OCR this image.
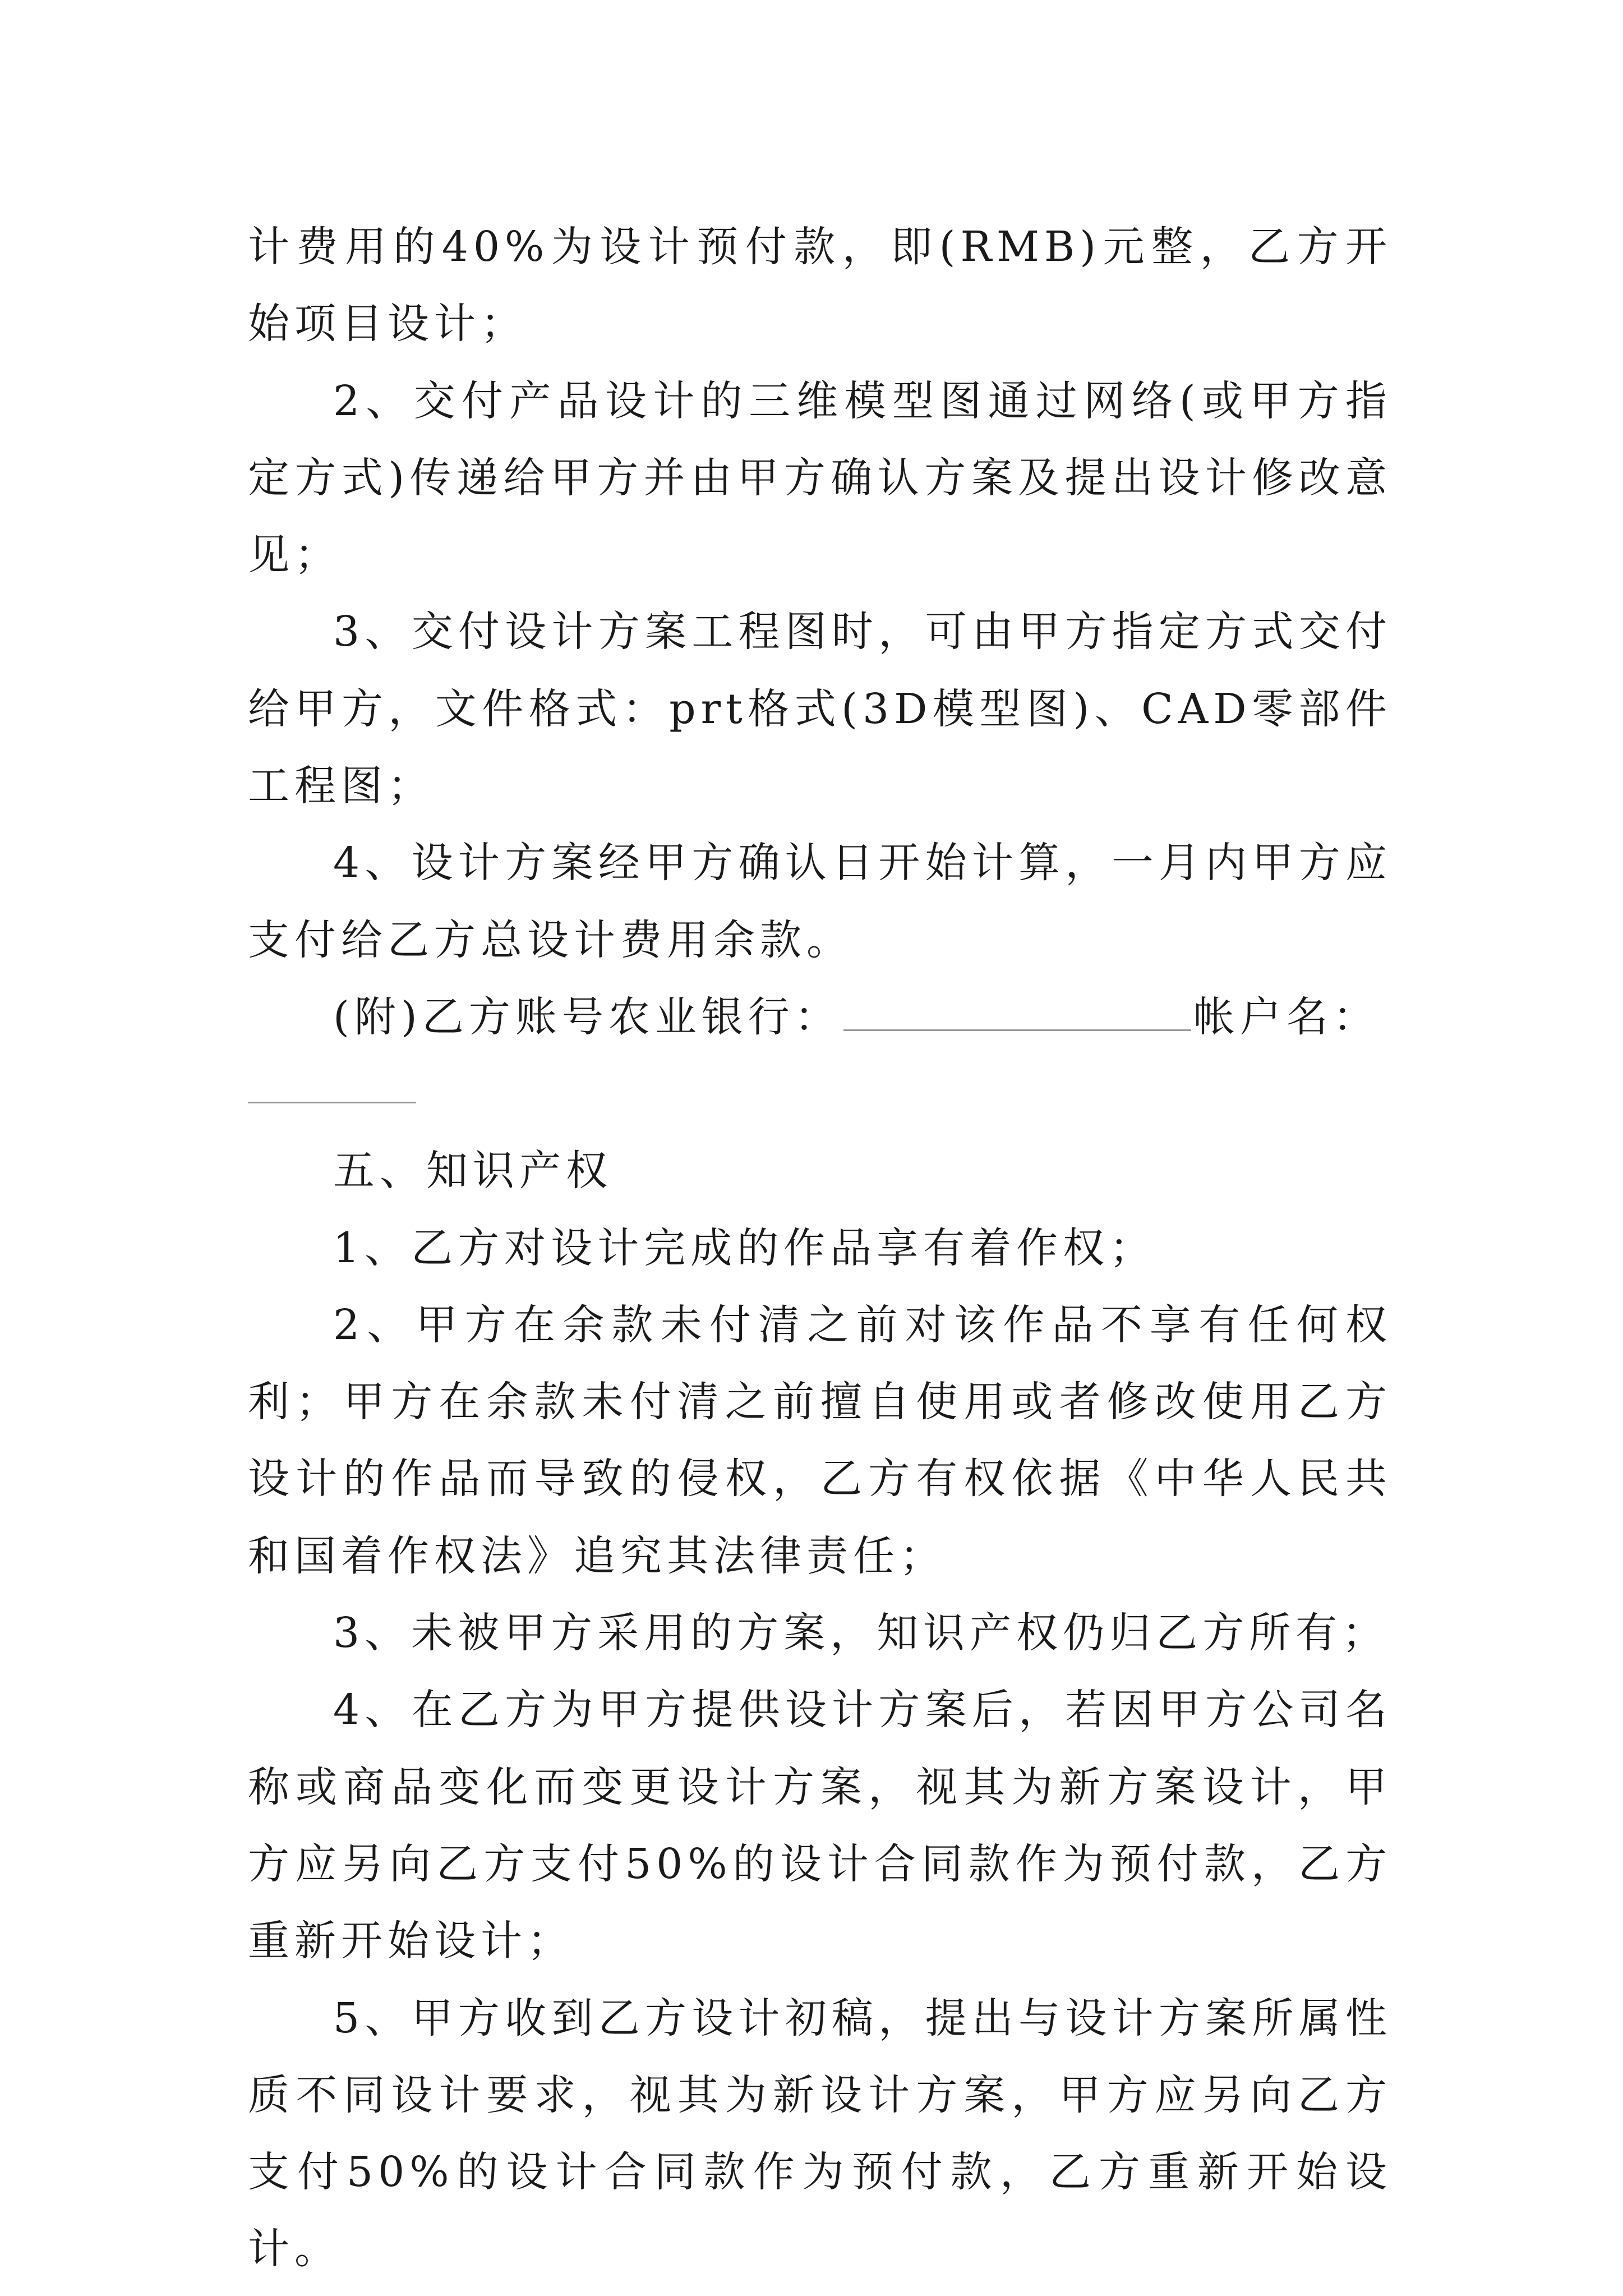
计费用的40%为设计预付款，即(RMB)元整，乙方开始项目设计；

2、交付产品设计的三维模型图通过网络(或甲方指定方式)传递给甲方并由甲方确认方案及提出设计修改意见；

3、交付设计方案工程图时，可由甲方指定方式交付给甲方，文件格式：prt格式(3D模型图)、CAD零部件工程图；

4、设计方案经甲方确认日开始计算，一月内甲方应支付给乙方总设计费用余款。

(附)乙方账号农业银行：	帐户名：

五、知识产权

1、乙方对设计完成的作品享有着作权；

2、甲方在余款未付清之前对该作品不享有任何权利；甲方在余款未付清之前擅自使用或者修改使用乙方设计的作品而导致的侵权，乙方有权依据《中华人民共和国着作权法》追究其法律责任；

3、未被甲方采用的方案，知识产权仍归乙方所有；

4、在乙方为甲方提供设计方案后，若因甲方公司名称或商品变化而变更设计方案，视其为新方案设计，甲方应另向乙方支付50%的设计合同款作为预付款，乙方重新开始设计；

5、甲方收到乙方设计初稿，提出与设计方案所属性质不同设计要求，视其为新设计方案，甲方应另向乙方支付50%的设计合同款作为预付款，乙方重新开始设计。
